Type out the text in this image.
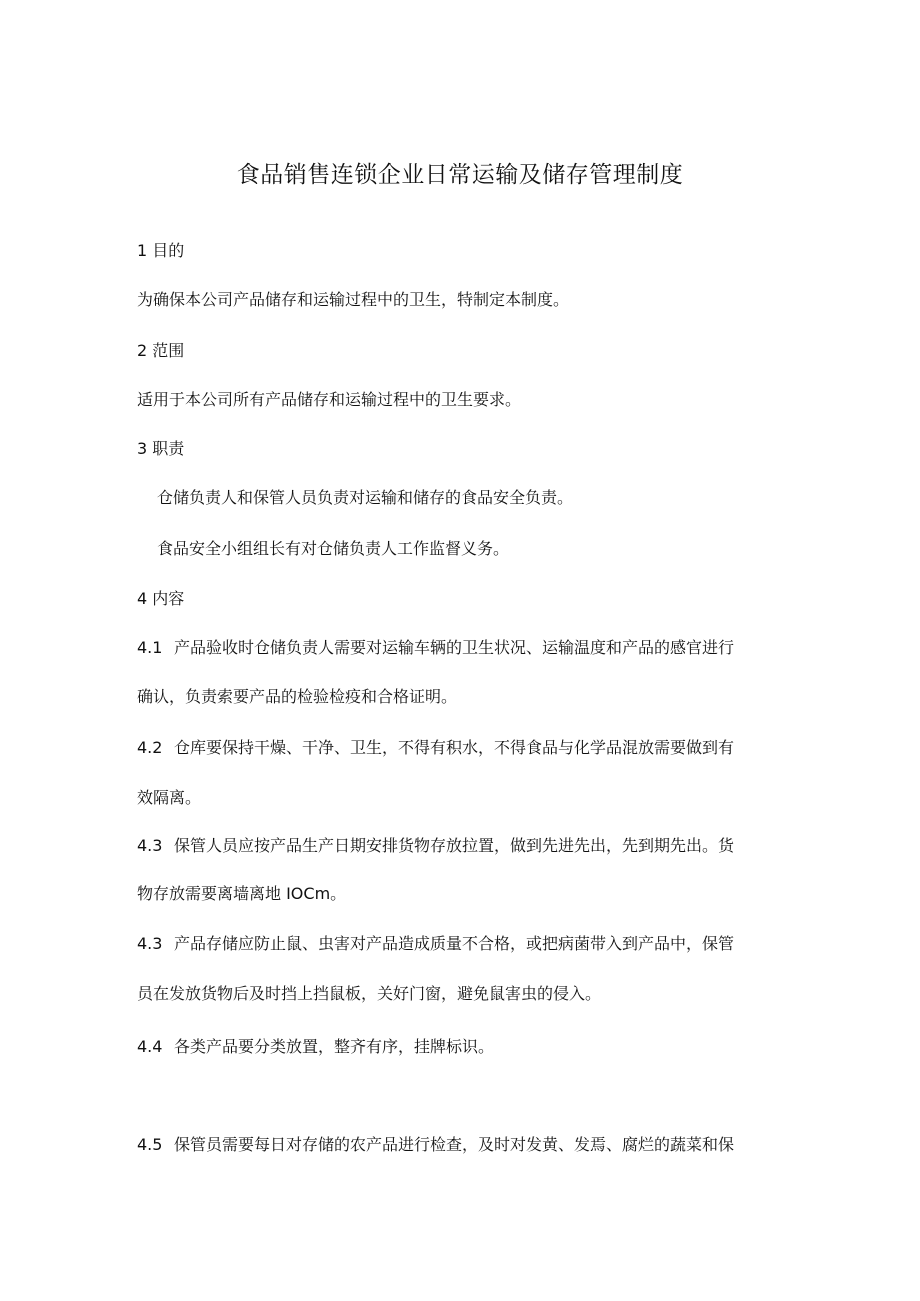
食品销售连锁企业日常运输及储存管理制度
1 目的
为确保本公司产品储存和运输过程中的卫生，特制定本制度。
2 范围
适用于本公司所有产品储存和运输过程中的卫生要求。
3 职责
仓储负责人和保管人员负责对运输和储存的食品安全负责。
食品安全小组组长有对仓储负责人工作监督义务。
4 内容
4.1 产品验收时仓储负责人需要对运输车辆的卫生状况、运输温度和产品的感官进行
确认，负责索要产品的检验检疫和合格证明。
4.2 仓库要保持干燥、干净、卫生，不得有积水，不得食品与化学品混放需要做到有
效隔离。
4.3 保管人员应按产品生产日期安排货物存放拉置，做到先进先出，先到期先出。货
物存放需要离墙离地 IOCm。
4.3 产品存储应防止鼠、虫害对产品造成质量不合格，或把病菌带入到产品中，保管
员在发放货物后及时挡上挡鼠板，关好门窗，避免鼠害虫的侵入。
4.4 各类产品要分类放置，整齐有序，挂牌标识。
4.5 保管员需要每日对存储的农产品进行检查，及时对发黄、发焉、腐烂的蔬菜和保
